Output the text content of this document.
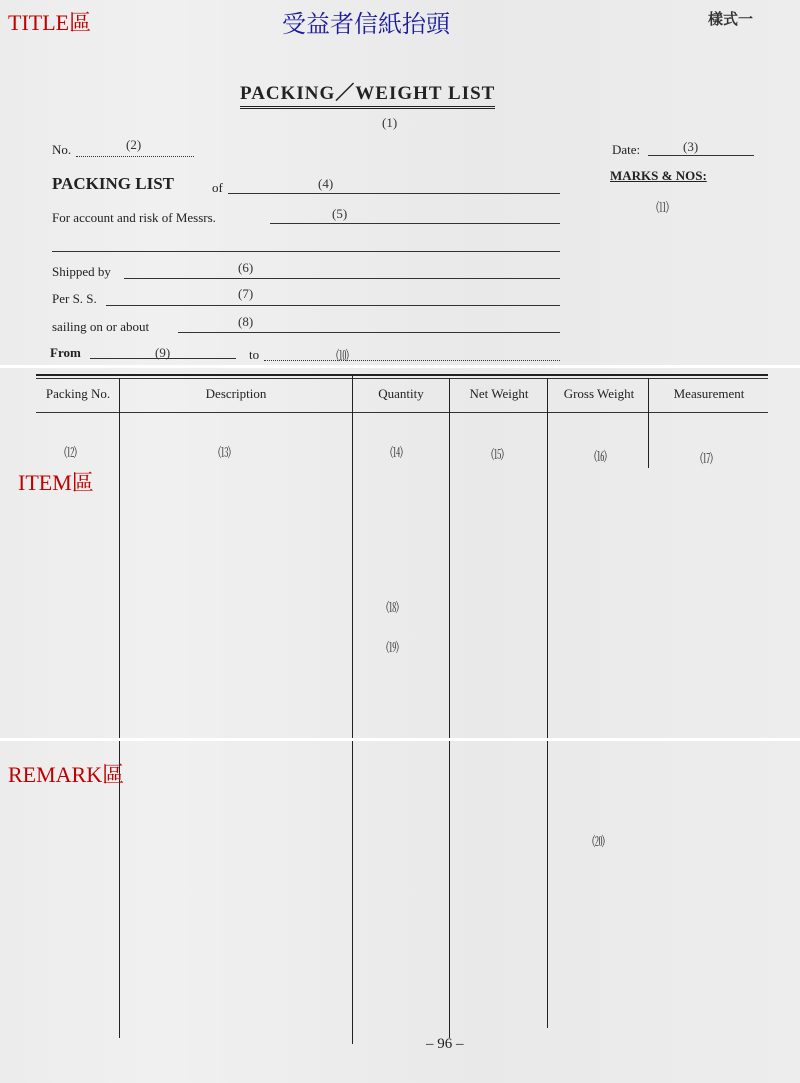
TITLE區	受益者信紙抬頭	樣式一
PACKING／WEIGHT LIST
(1)
No.	(2)	Date:	(3)
PACKING LIST	of	(4)
MARKS & NOS:
⑾
For account and risk of Messrs.	(5)
Shipped by	(6)
Per S. S.	(7)
sailing on or about	(8)
From	(9)	to	⑽
Packing No.	Description	Quantity	Net Weight	Gross Weight	Measurement
⑿	⒀	⒁	⒂	⒃	⒄
ITEM區
⒅
⒆
REMARK區
⒇
– 96 –
